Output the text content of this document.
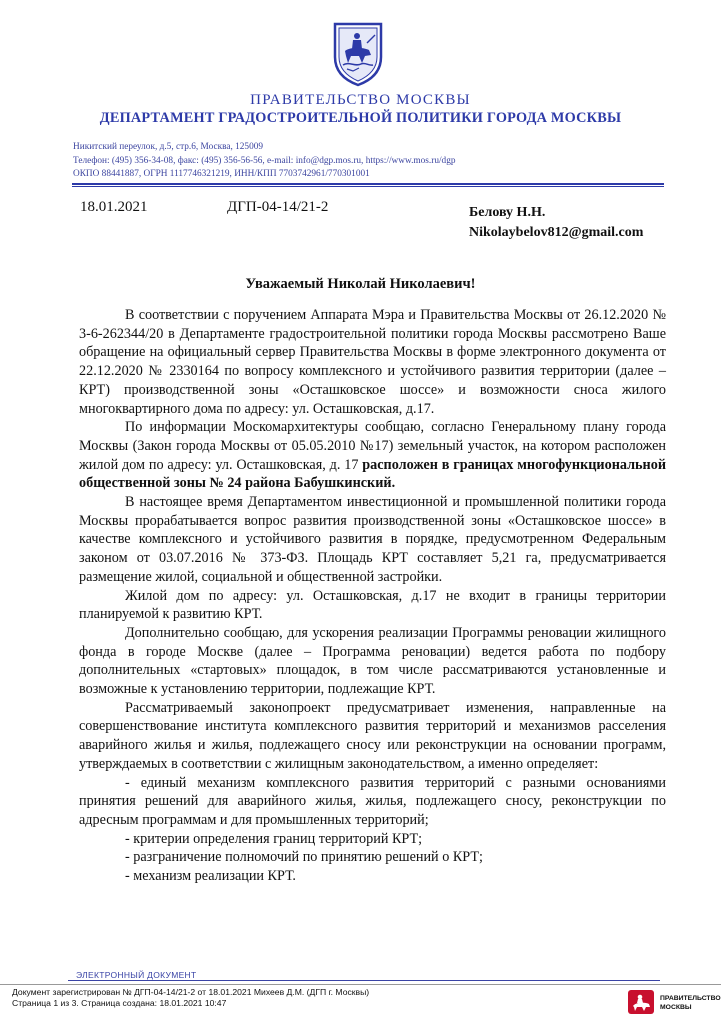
ПРАВИТЕЛЬСТВО МОСКВЫ
ДЕПАРТАМЕНТ ГРАДОСТРОИТЕЛЬНОЙ ПОЛИТИКИ ГОРОДА МОСКВЫ
Никитский переулок, д.5, стр.6, Москва, 125009
Телефон: (495) 356-34-08, факс: (495) 356-56-56, e-mail: info@dgp.mos.ru, https://www.mos.ru/dgp
ОКПО 88441887, ОГРН 1117746321219, ИНН/КПП 7703742961/770301001
18.01.2021	ДГП-04-14/21-2	Белову Н.Н.
Nikolaybelov812@gmail.com
Уважаемый Николай Николаевич!

В соответствии с поручением Аппарата Мэра и Правительства Москвы от 26.12.2020 № 3-6-262344/20 в Департаменте градостроительной политики города Москвы рассмотрено Ваше обращение на официальный сервер Правительства Москвы в форме электронного документа от 22.12.2020 № 2330164 по вопросу комплексного и устойчивого развития территории (далее – КРТ) производственной зоны «Осташковское шоссе» и возможности сноса жилого многоквартирного дома по адресу: ул. Осташковская, д.17.

По информации Москомархитектуры сообщаю, согласно Генеральному плану города Москвы (Закон города Москвы от 05.05.2010 №17) земельный участок, на котором расположен жилой дом по адресу: ул. Осташковская, д. 17 расположен в границах многофункциональной общественной зоны № 24 района Бабушкинский.

В настоящее время Департаментом инвестиционной и промышленной политики города Москвы прорабатывается вопрос развития производственной зоны «Осташковское шоссе» в качестве комплексного и устойчивого развития в порядке, предусмотренном Федеральным законом от 03.07.2016 № 373-ФЗ. Площадь КРТ составляет 5,21 га, предусматривается размещение жилой, социальной и общественной застройки.

Жилой дом по адресу: ул. Осташковская, д.17 не входит в границы территории планируемой к развитию КРТ.

Дополнительно сообщаю, для ускорения реализации Программы реновации жилищного фонда в городе Москве (далее – Программа реновации) ведется работа по подбору дополнительных «стартовых» площадок, в том числе рассматриваются установленные и возможные к установлению территории, подлежащие КРТ.

Рассматриваемый законопроект предусматривает изменения, направленные на совершенствование института комплексного развития территорий и механизмов расселения аварийного жилья и жилья, подлежащего сносу или реконструкции на основании программ, утверждаемых в соответствии с жилищным законодательством, а именно определяет:

- единый механизм комплексного развития территорий с разными основаниями принятия решений для аварийного жилья, жилья, подлежащего сносу, реконструкции по адресным программам и для промышленных территорий;

- критерии определения границ территорий КРТ;

- разграничение полномочий по принятию решений о КРТ;

- механизм реализации КРТ.

ЭЛЕКТРОННЫЙ ДОКУМЕНТ
Документ зарегистрирован № ДГП-04-14/21-2 от 18.01.2021 Михеев Д.М. (ДГП г. Москвы)
Страница 1 из 3. Страница создана: 18.01.2021 10:47	ПРАВИТЕЛЬСТВО
МОСКВЫ
